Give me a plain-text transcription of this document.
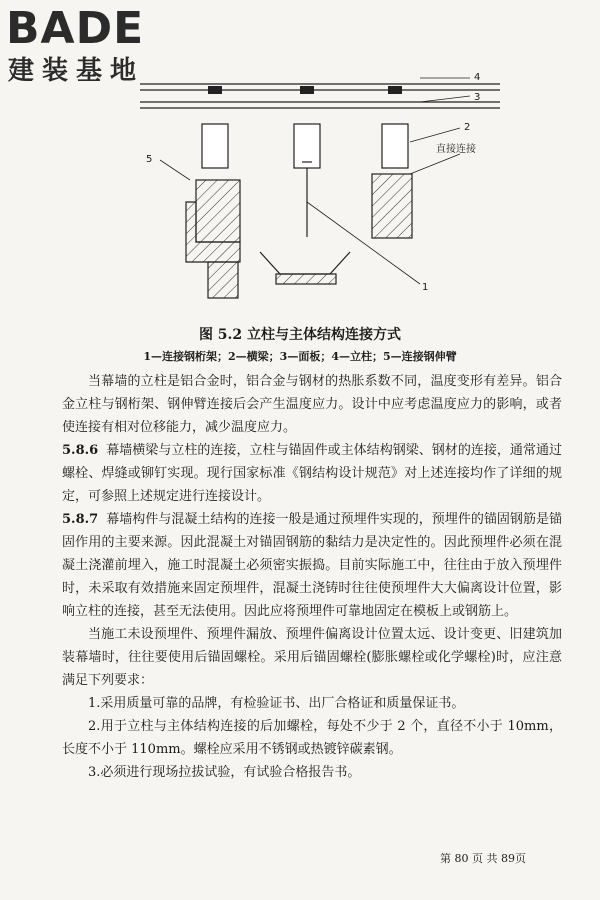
BADE
建装基地	4
3
2
直接连接
5
1
图 5.2 立柱与主体结构连接方式
1—连接钢桁架；2—横梁；3—面板；4—立柱；5—连接钢伸臂

当幕墙的立柱是铝合金时，铝合金与钢材的热胀系数不同，温度变形有差异。铝合金立柱与钢桁架、钢伸臂连接后会产生温度应力。设计中应考虑温度应力的影响，或者使连接有相对位移能力，减少温度应力。

5.8.6 幕墙横梁与立柱的连接，立柱与锚固件或主体结构钢梁、钢材的连接，通常通过螺栓、焊缝或铆钉实现。现行国家标准《钢结构设计规范》对上述连接均作了详细的规定，可参照上述规定进行连接设计。

5.8.7 幕墙构件与混凝土结构的连接一般是通过预埋件实现的，预埋件的锚固钢筋是锚固作用的主要来源。因此混凝土对锚固钢筋的黏结力是决定性的。因此预埋件必须在混凝土浇灌前埋入，施工时混凝土必须密实振捣。目前实际施工中，往往由于放入预埋件时，未采取有效措施来固定预埋件，混凝土浇铸时往往使预埋件大大偏离设计位置，影响立柱的连接，甚至无法使用。因此应将预埋件可靠地固定在模板上或钢筋上。

当施工未设预埋件、预埋件漏放、预埋件偏离设计位置太远、设计变更、旧建筑加装幕墙时，往往要使用后锚固螺栓。采用后锚固螺栓(膨胀螺栓或化学螺栓)时，应注意满足下列要求：

1.采用质量可靠的品牌，有检验证书、出厂合格证和质量保证书。

2.用于立柱与主体结构连接的后加螺栓，每处不少于 2 个，直径不小于 10mm，长度不小于 110mm。螺栓应采用不锈钢或热镀锌碳素钢。

3.必须进行现场拉拔试验，有试验合格报告书。

第 80 页 共 89页
